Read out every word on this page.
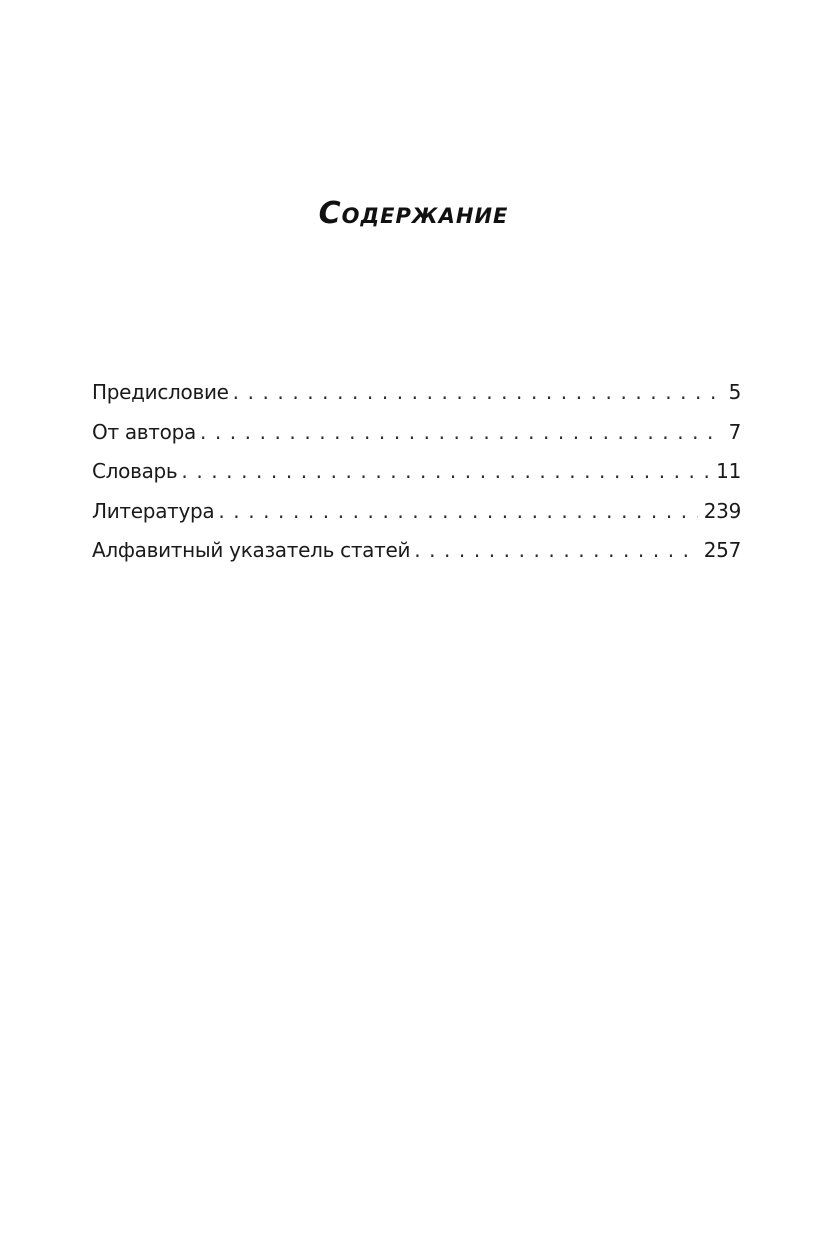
Содержание
Предисловие . . .	5
От автора . . .	7
Словарь . . .	11
Литература . . .	239
Алфавитный указатель статей . . .	257
